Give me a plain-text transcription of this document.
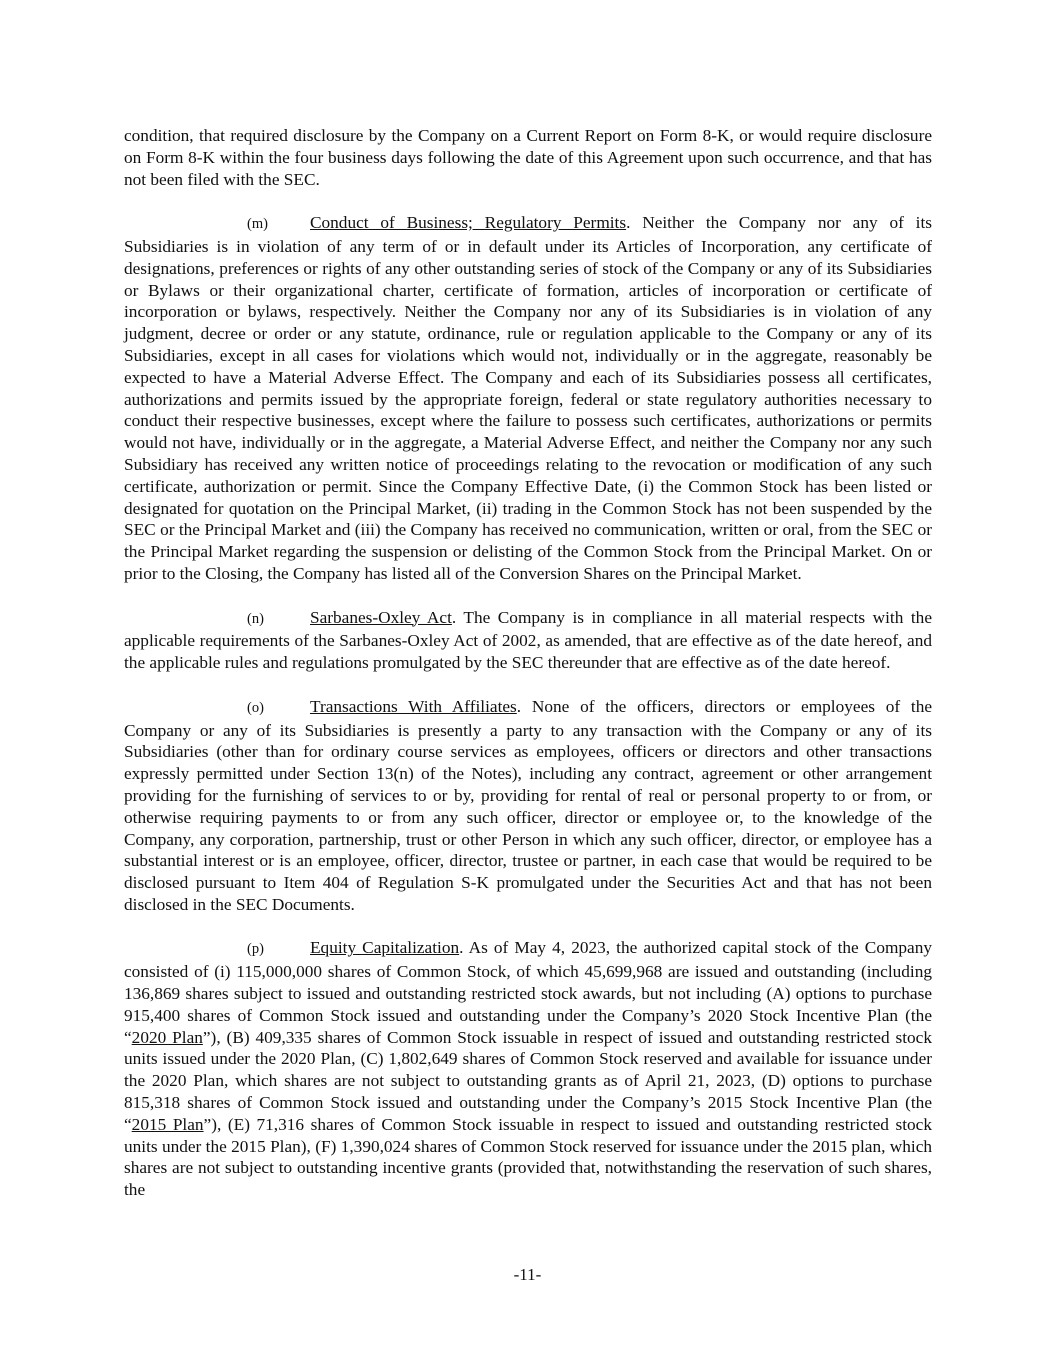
condition, that required disclosure by the Company on a Current Report on Form 8-K, or would require disclosure on Form 8-K within the four business days following the date of this Agreement upon such occurrence, and that has not been filed with the SEC.

(m) Conduct of Business; Regulatory Permits. Neither the Company nor any of its Subsidiaries is in violation of any term of or in default under its Articles of Incorporation, any certificate of designations, preferences or rights of any other outstanding series of stock of the Company or any of its Subsidiaries or Bylaws or their organizational charter, certificate of formation, articles of incorporation or certificate of incorporation or bylaws, respectively. Neither the Company nor any of its Subsidiaries is in violation of any judgment, decree or order or any statute, ordinance, rule or regulation applicable to the Company or any of its Subsidiaries, except in all cases for violations which would not, individually or in the aggregate, reasonably be expected to have a Material Adverse Effect. The Company and each of its Subsidiaries possess all certificates, authorizations and permits issued by the appropriate foreign, federal or state regulatory authorities necessary to conduct their respective businesses, except where the failure to possess such certificates, authorizations or permits would not have, individually or in the aggregate, a Material Adverse Effect, and neither the Company nor any such Subsidiary has received any written notice of proceedings relating to the revocation or modification of any such certificate, authorization or permit. Since the Company Effective Date, (i) the Common Stock has been listed or designated for quotation on the Principal Market, (ii) trading in the Common Stock has not been suspended by the SEC or the Principal Market and (iii) the Company has received no communication, written or oral, from the SEC or the Principal Market regarding the suspension or delisting of the Common Stock from the Principal Market. On or prior to the Closing, the Company has listed all of the Conversion Shares on the Principal Market.

(n)	Sarbanes-Oxley Act. The Company is in compliance in all material respects with the applicable requirements of the Sarbanes-Oxley Act of 2002, as amended, that are effective as of the date hereof, and the applicable rules and regulations promulgated by the SEC thereunder that are effective as of the date hereof.

(o)	Transactions With Affiliates. None of the officers, directors or employees of the Company or any of its Subsidiaries is presently a party to any transaction with the Company or any of its Subsidiaries (other than for ordinary course services as employees, officers or directors and other transactions expressly permitted under Section 13(n) of the Notes), including any contract, agreement or other arrangement providing for the furnishing of services to or by, providing for rental of real or personal property to or from, or otherwise requiring payments to or from any such officer, director or employee or, to the knowledge of the Company, any corporation, partnership, trust or other Person in which any such officer, director, or employee has a substantial interest or is an employee, officer, director, trustee or partner, in each case that would be required to be disclosed pursuant to Item 404 of Regulation S-K promulgated under the Securities Act and that has not been disclosed in the SEC Documents.

(p)	Equity Capitalization. As of May 4, 2023, the authorized capital stock of the Company consisted of (i) 115,000,000 shares of Common Stock, of which 45,699,968 are issued and outstanding (including 136,869 shares subject to issued and outstanding restricted stock awards, but not including (A) options to purchase 915,400 shares of Common Stock issued and outstanding under the Company’s 2020 Stock Incentive Plan (the “2020 Plan”), (B) 409,335 shares of Common Stock issuable in respect of issued and outstanding restricted stock units issued under the 2020 Plan, (C) 1,802,649 shares of Common Stock reserved and available for issuance under the 2020 Plan, which shares are not subject to outstanding grants as of April 21, 2023, (D) options to purchase 815,318 shares of Common Stock issued and outstanding under the Company’s 2015 Stock Incentive Plan (the “2015 Plan”), (E) 71,316 shares of Common Stock issuable in respect to issued and outstanding restricted stock units under the 2015 Plan), (F) 1,390,024 shares of Common Stock reserved for issuance under the 2015 plan, which shares are not subject to outstanding incentive grants (provided that, notwithstanding the reservation of such shares, the

-11-
